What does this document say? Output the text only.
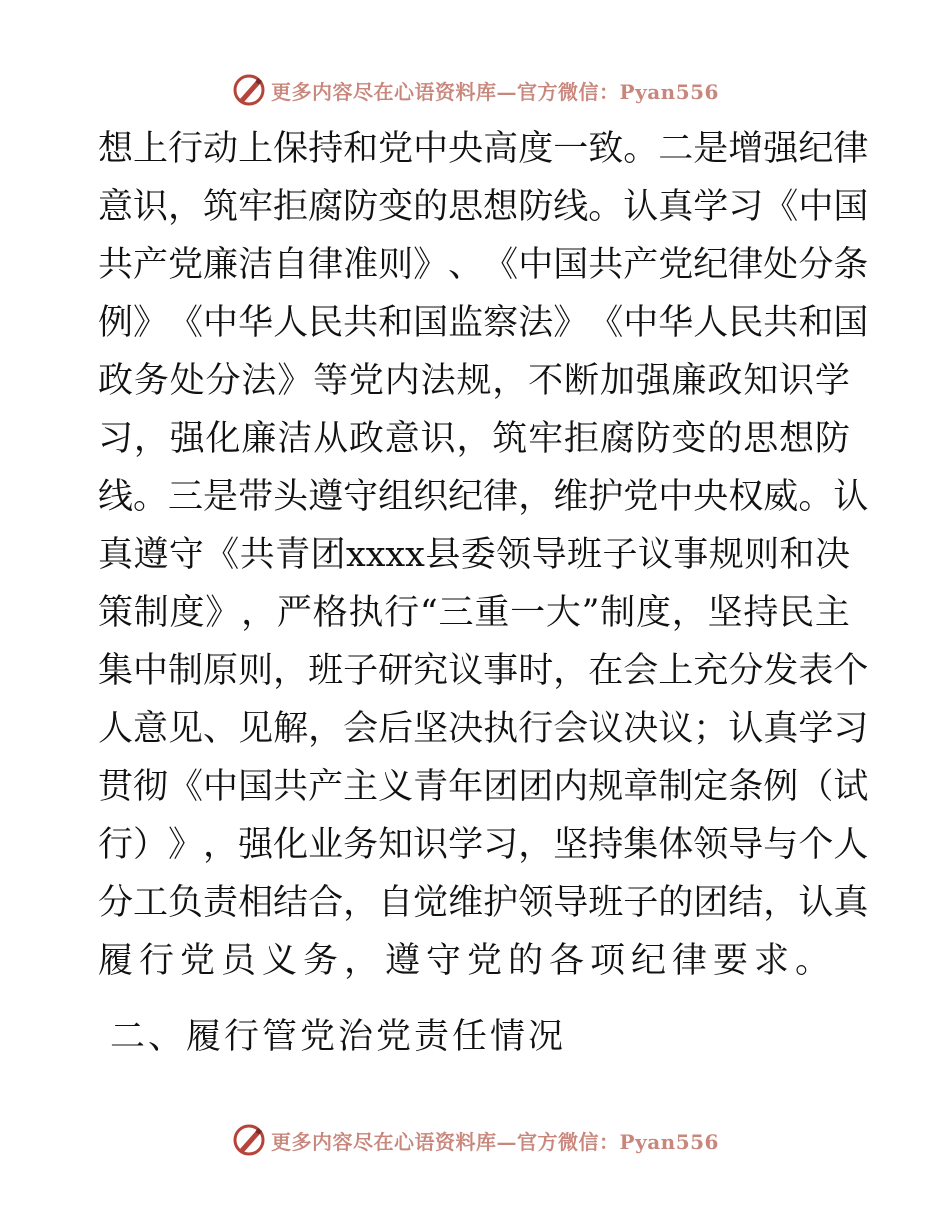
更多内容尽在心语资料库—官方微信：Pyan556
想 上 行 动 上 保 持 和 党 中 央 高 度 一 致 。 二 是 增 强 纪 律
意 识 ， 筑 牢 拒 腐 防 变 的 思 想 防 线 。 认 真 学 习 《 中 国
共 产 党 廉 洁 自 律 准 则 》 、 《 中 国 共 产 党 纪 律 处 分 条
例 》 《 中 华 人 民 共 和 国 监 察 法 》 《 中 华 人 民 共 和 国
政 务 处 分 法 》 等 党 内 法 规 ， 不 断 加 强 廉 政 知 识 学
习 ， 强 化 廉 洁 从 政 意 识 ， 筑 牢 拒 腐 防 变 的 思 想 防
线 。 三 是 带 头 遵 守 组 织 纪 律 ， 维 护 党 中 央 权 威 。 认
真 遵 守 《 共 青 团 xxxx 县 委 领 导 班 子 议 事 规 则 和 决
策 制 度 》 ， 严 格 执 行 “ 三 重 一 大 ” 制 度 ， 坚 持 民 主
集 中 制 原 则 ， 班 子 研 究 议 事 时 ， 在 会 上 充 分 发 表 个
人 意 见 、 见 解 ， 会 后 坚 决 执 行 会 议 决 议 ； 认 真 学 习
贯 彻 《 中 国 共 产 主 义 青 年 团 团 内 规 章 制 定 条 例 （ 试
行 ） 》 ， 强 化 业 务 知 识 学 习 ， 坚 持 集 体 领 导 与 个 人
分 工 负 责 相 结 合 ， 自 觉 维 护 领 导 班 子 的 团 结 ， 认 真
履行党员义务，遵守党的各项纪律要求。
二、履行管党治党责任情况
更多内容尽在心语资料库—官方微信：Pyan556
